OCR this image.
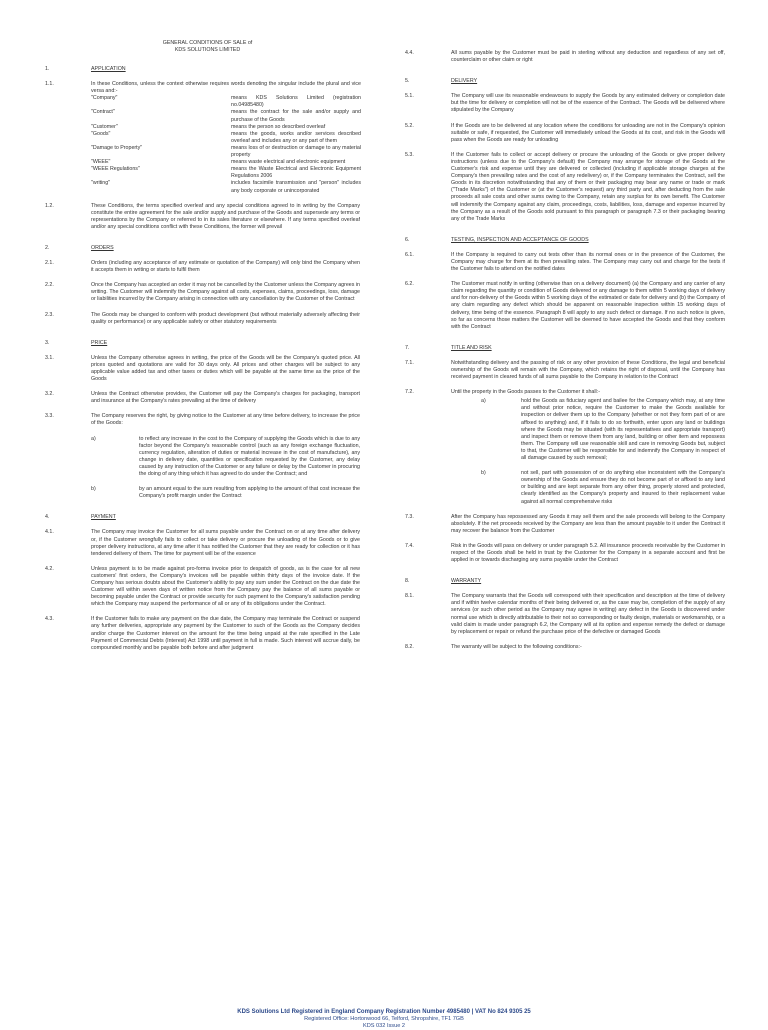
GENERAL CONDITIONS OF SALE of
KDS SOLUTIONS LIMITED
1.	APPLICATION
1.1.	In these Conditions, unless the context otherwise requires words denoting the singular include the plural and vice versa and:-
"Company"	means KDS Solutions Limited (registration no.04985480)
"Contract"	means the contract for the sale and/or supply and purchase of the Goods
"Customer"	means the person so described overleaf
"Goods"	means the goods, works and/or services described overleaf and includes any or any part of them
"Damage to Property"	means loss of or destruction or damage to any material property
"WEEE"	means waste electrical and electronic equipment
"WEEE Regulations"	means the Waste Electrical and Electronic Equipment Regulations 2006
"writing"	includes facsimile transmission and "person" includes any body corporate or unincorporated
1.2.	These Conditions, the terms specified overleaf and any special conditions agreed to in writing by the Company constitute the entire agreement for the sale and/or supply and purchase of the Goods and supersede any terms or representations by the Company or referred to in its sales literature or elsewhere. If any terms specified overleaf and/or any special conditions conflict with these Conditions, the former will prevail
2.	ORDERS
2.1.	Orders (including any acceptance of any estimate or quotation of the Company) will only bind the Company when it accepts them in writing or starts to fulfil them
2.2.	Once the Company has accepted an order it may not be cancelled by the Customer unless the Company agrees in writing. The Customer will indemnify the Company against all costs, expenses, claims, proceedings, loss, damage or liabilities incurred by the Company arising in connection with any cancellation by the Customer of the Contract
2.3.	The Goods may be changed to conform with product development (but without materially adversely affecting their quality or performance) or any applicable safety or other statutory requirements
3.	PRICE
3.1.	Unless the Company otherwise agrees in writing, the price of the Goods will be the Company's quoted price. All prices quoted and quotations are valid for 30 days only. All prices and other charges will be subject to any applicable value added tax and other taxes or duties which will be payable at the same time as the price of the Goods
3.2.	Unless the Contract otherwise provides, the Customer will pay the Company's charges for packaging, transport and insurance at the Company's rates prevailing at the time of delivery
3.3.	The Company reserves the right, by giving notice to the Customer at any time before delivery, to increase the price of the Goods:
a)	to reflect any increase in the cost to the Company of supplying the Goods which is due to any factor beyond the Company's reasonable control (such as any foreign exchange fluctuation, currency regulation, alteration of duties or material increase in the cost of manufacture), any change in delivery date, quantities or specification requested by the Customer, any delay caused by any instruction of the Customer or any failure or delay by the Customer in procuring the doing of any thing which it has agreed to do under the Contract; and
b)	by an amount equal to the sum resulting from applying to the amount of that cost increase the Company's profit margin under the Contract
4.	PAYMENT
4.1.	The Company may invoice the Customer for all sums payable under the Contract on or at any time after delivery or, if the Customer wrongfully fails to collect or take delivery or procure the unloading of the Goods or to give proper delivery instructions, at any time after it has notified the Customer that they are ready for collection or it has tendered delivery of them. The time for payment will be of the essence
4.2.	Unless payment is to be made against pro-forma invoice prior to despatch of goods, as is the case for all new customers' first orders, the Company's invoices will be payable within thirty days of the invoice date. If the Company has serious doubts about the Customer's ability to pay any sum under the Contract on the due date the Customer will within seven days of written notice from the Company pay the balance of all sums payable or becoming payable under the Contract or provide security for such payment to the Company's satisfaction pending which the Company may suspend the performance of all or any of its obligations under the Contract.
4.3.	If the Customer fails to make any payment on the due date, the Company may terminate the Contract or suspend any further deliveries, appropriate any payment by the Customer to such of the Goods as the Company decides and/or charge the Customer interest on the amount for the time being unpaid at the rate specified in the Late Payment of Commercial Debts (Interest) Act 1998 until payment in full is made. Such interest will accrue daily, be compounded monthly and be payable both before and after judgment
4.4.	All sums payable by the Customer must be paid in sterling without any deduction and regardless of any set off, counterclaim or other claim or right
5.	DELIVERY
5.1.	The Company will use its reasonable endeavours to supply the Goods by any estimated delivery or completion date but the time for delivery or completion will not be of the essence of the Contract. The Goods will be delivered where stipulated by the Company
5.2.	If the Goods are to be delivered at any location where the conditions for unloading are not in the Company's opinion suitable or safe, if requested, the Customer will immediately unload the Goods at its cost, and risk in the Goods will pass when the Goods are ready for unloading
5.3.	If the Customer fails to collect or accept delivery or procure the unloading of the Goods or give proper delivery instructions (unless due to the Company's default) the Company may arrange for storage of the Goods at the Customer's risk and expense until they are delivered or collected (including if applicable storage charges at the Company's then prevailing rates and the cost of any redelivery) or, if the Company terminates the Contract, sell the Goods in its discretion notwithstanding that any of them or their packaging may bear any name or trade or mark ("Trade Marks") of the Customer or (at the Customer's request) any third party and, after deducting from the sale proceeds all sale costs and other sums owing to the Company, retain any surplus for its own benefit. The Customer will indemnify the Company against any claim, proceedings, costs, liabilities, loss, damage and expense incurred by the Company as a result of the Goods sold pursuant to this paragraph or paragraph 7.3 or their packaging bearing any of the Trade Marks
6.	TESTING, INSPECTION AND ACCEPTANCE OF GOODS
6.1.	If the Company is required to carry out tests other than its normal ones or in the presence of the Customer, the Company may charge for them at its then prevailing rates. The Company may carry out and charge for the tests if the Customer fails to attend on the notified dates
6.2.	The Customer must notify in writing (otherwise than on a delivery document) (a) the Company and any carrier of any claim regarding the quantity or condition of Goods delivered or any damage to them within 5 working days of delivery and for non-delivery of the Goods within 5 working days of the estimated or date for delivery and (b) the Company of any claim regarding any defect which should be apparent on reasonable inspection within 15 working days of delivery, time being of the essence. Paragraph 8 will apply to any such defect or damage. If no such notice is given, so far as concerns those matters the Customer will be deemed to have accepted the Goods and that they conform with the Contract
7.	TITLE AND RISK
7.1.	Notwithstanding delivery and the passing of risk or any other provision of these Conditions, the legal and beneficial ownership of the Goods will remain with the Company, which retains the right of disposal, until the Company has received payment in cleared funds of all sums payable to the Company in relation to the Contract
7.2.	Until the property in the Goods passes to the Customer it shall:-
a)	hold the Goods as fiduciary agent and bailee for the Company which may, at any time and without prior notice, require the Customer to make the Goods available for inspection or deliver them up to the Company (whether or not they form part of or are affixed to anything) and, if it fails to do so forthwith, enter upon any land or buildings where the Goods may be situated (with its representatives and appropriate transport) and inspect them or remove them from any land, building or other item and repossess them. The Company will use reasonable skill and care in removing Goods but, subject to that, the Customer will be responsible for and indemnify the Company in respect of all damage caused by such removal;
b)	not sell, part with possession of or do anything else inconsistent with the Company's ownership of the Goods and ensure they do not become part of or affixed to any land or building and are kept separate from any other thing, properly stored and protected, clearly identified as the Company's property and insured to their replacement value against all normal comprehensive risks
7.3.	After the Company has repossessed any Goods it may sell them and the sale proceeds will belong to the Company absolutely. If the net proceeds received by the Company are less than the amount payable to it under the Contract it may recover the balance from the Customer
7.4.	Risk in the Goods will pass on delivery or under paragraph 5.2. All insurance proceeds receivable by the Customer in respect of the Goods shall be held in trust by the Customer for the Company in a separate account and first be applied in or towards discharging any sums payable under the Contract
8.	WARRANTY
8.1.	The Company warrants that the Goods will correspond with their specification and description at the time of delivery and if within twelve calendar months of their being delivered or, as the case may be, completion of the supply of any services (or such other period as the Company may agree in writing) any defect in the Goods is discovered under normal use which is directly attributable to their not so corresponding or faulty design, materials or workmanship, or a valid claim is made under paragraph 6.2, the Company will at its option and expense remedy the defect or damage by replacement or repair or refund the purchase price of the defective or damaged Goods
8.2.	The warranty will be subject to the following conditions:-
KDS Solutions Ltd Registered in England Company Registration Number 4985480 | VAT No 824 9305 25
Registered Office: Hortonwood 66, Telford, Shropshire, TF1 7GB
KDS 032 Issue 2
